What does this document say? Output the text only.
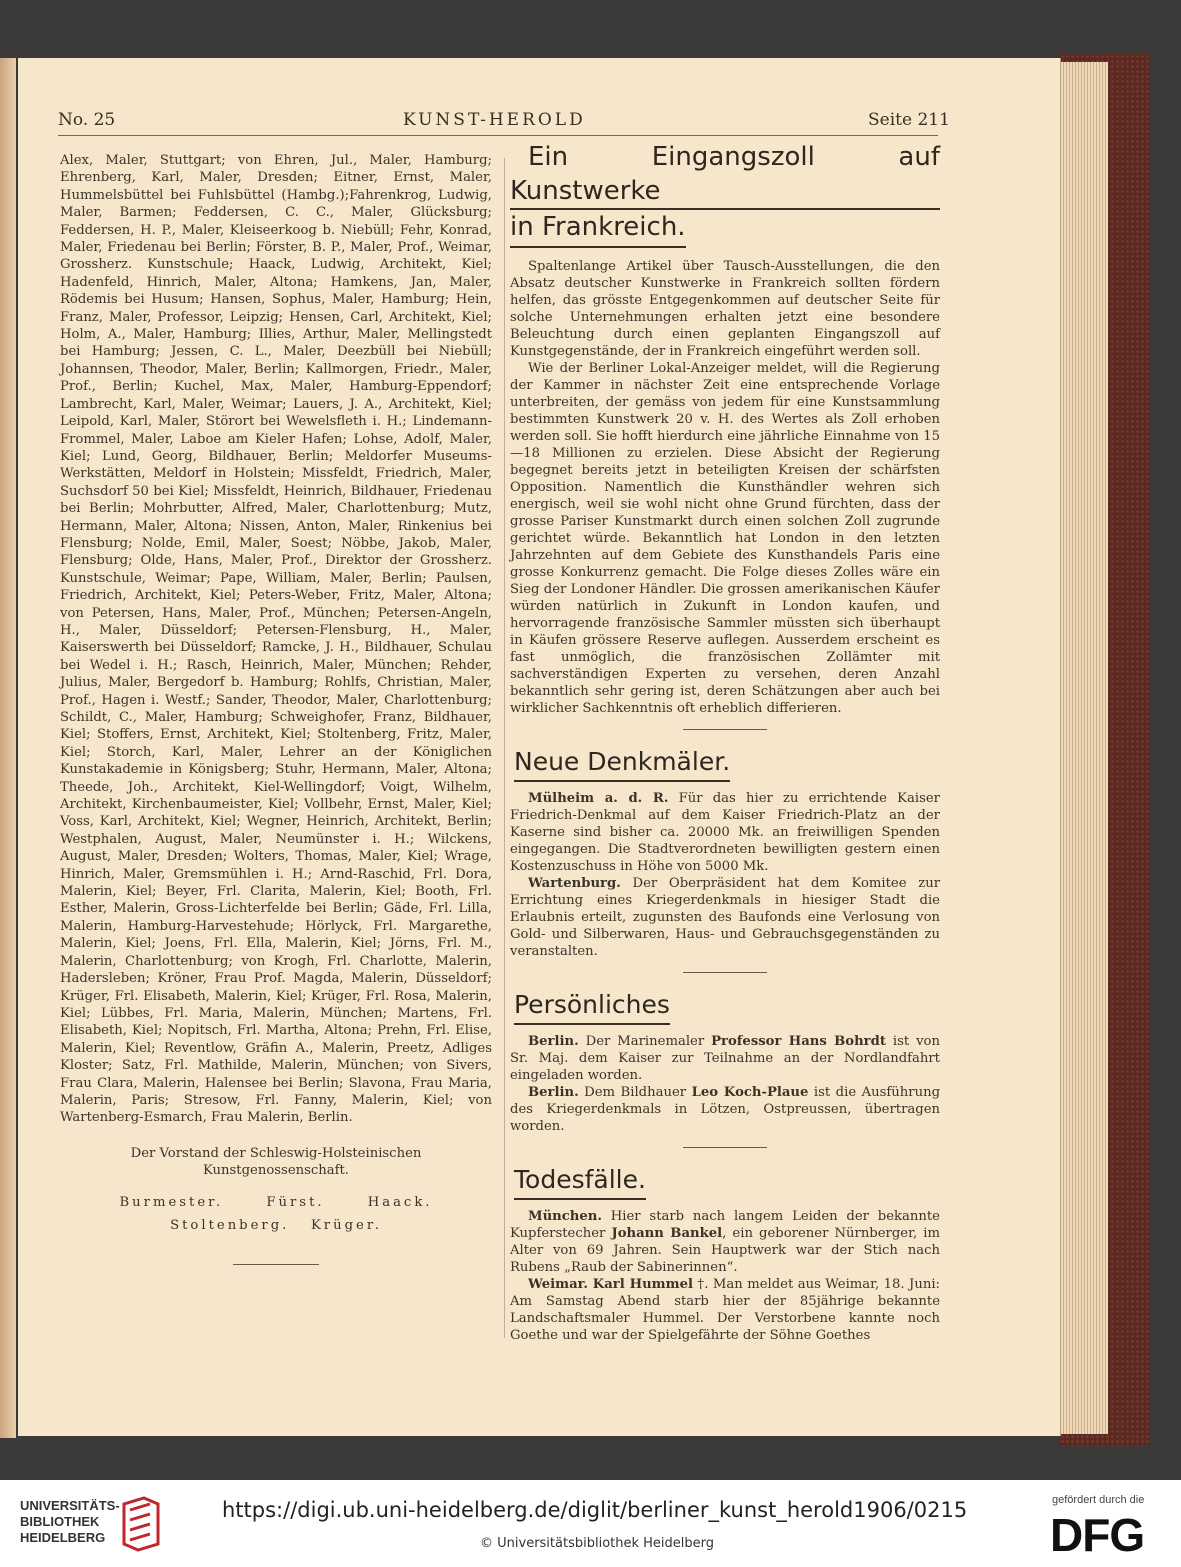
No. 25	KUNST-HEROLD	Seite 211

Alex, Maler, Stuttgart; von Ehren, Jul., Maler, Hamburg; Ehrenberg, Karl, Maler, Dresden; Eitner, Ernst, Maler, Hummelsbüttel bei Fuhlsbüttel (Hambg.);Fahrenkrog, Ludwig, Maler, Barmen; Feddersen, C. C., Maler, Glücksburg; Feddersen, H. P., Maler, Kleiseerkoog b. Niebüll; Fehr, Konrad, Maler, Friedenau bei Berlin; Förster, B. P., Maler, Prof., Weimar, Grossherz. Kunstschule; Haack, Ludwig, Architekt, Kiel; Hadenfeld, Hinrich, Maler, Altona; Hamkens, Jan, Maler, Rödemis bei Husum; Hansen, Sophus, Maler, Hamburg; Hein, Franz, Maler, Professor, Leipzig; Hensen, Carl, Architekt, Kiel; Holm, A., Maler, Hamburg; Illies, Arthur, Maler, Mellingstedt bei Hamburg; Jessen, C. L., Maler, Deezbüll bei Niebüll; Johannsen, Theodor, Maler, Berlin; Kallmorgen, Friedr., Maler, Prof., Berlin; Kuchel, Max, Maler, Hamburg-Eppendorf; Lambrecht, Karl, Maler, Weimar; Lauers, J. A., Architekt, Kiel; Leipold, Karl, Maler, Störort bei Wewelsfleth i. H.; Lindemann-Frommel, Maler, Laboe am Kieler Hafen; Lohse, Adolf, Maler, Kiel; Lund, Georg, Bildhauer, Berlin; Meldorfer Museums-Werkstätten, Meldorf in Holstein; Missfeldt, Friedrich, Maler, Suchsdorf 50 bei Kiel; Missfeldt, Heinrich, Bildhauer, Friedenau bei Berlin; Mohrbutter, Alfred, Maler, Charlottenburg; Mutz, Hermann, Maler, Altona; Nissen, Anton, Maler, Rinkenius bei Flensburg; Nolde, Emil, Maler, Soest; Nöbbe, Jakob, Maler, Flensburg; Olde, Hans, Maler, Prof., Direktor der Grossherz. Kunstschule, Weimar; Pape, William, Maler, Berlin; Paulsen, Friedrich, Architekt, Kiel; Peters-Weber, Fritz, Maler, Altona; von Petersen, Hans, Maler, Prof., München; Petersen-Angeln, H., Maler, Düsseldorf; Petersen-Flensburg, H., Maler, Kaiserswerth bei Düsseldorf; Ramcke, J. H., Bildhauer, Schulau bei Wedel i. H.; Rasch, Heinrich, Maler, München; Rehder, Julius, Maler, Bergedorf b. Hamburg; Rohlfs, Christian, Maler, Prof., Hagen i. Westf.; Sander, Theodor, Maler, Charlottenburg; Schildt, C., Maler, Hamburg; Schweighofer, Franz, Bildhauer, Kiel; Stoffers, Ernst, Architekt, Kiel; Stoltenberg, Fritz, Maler, Kiel; Storch, Karl, Maler, Lehrer an der Königlichen Kunstakademie in Königsberg; Stuhr, Hermann, Maler, Altona; Theede, Joh., Architekt, Kiel-Wellingdorf; Voigt, Wilhelm, Architekt, Kirchenbaumeister, Kiel; Vollbehr, Ernst, Maler, Kiel; Voss, Karl, Architekt, Kiel; Wegner, Heinrich, Architekt, Berlin; Westphalen, August, Maler, Neumünster i. H.; Wilckens, August, Maler, Dresden; Wolters, Thomas, Maler, Kiel; Wrage, Hinrich, Maler, Gremsmühlen i. H.; Arnd-Raschid, Frl. Dora, Malerin, Kiel; Beyer, Frl. Clarita, Malerin, Kiel; Booth, Frl. Esther, Malerin, Gross-Lichterfelde bei Berlin; Gäde, Frl. Lilla, Malerin, Hamburg-Harvestehude; Hörlyck, Frl. Margarethe, Malerin, Kiel; Joens, Frl. Ella, Malerin, Kiel; Jörns, Frl. M., Malerin, Charlottenburg; von Krogh, Frl. Charlotte, Malerin, Hadersleben; Kröner, Frau Prof. Magda, Malerin, Düsseldorf; Krüger, Frl. Elisabeth, Malerin, Kiel; Krüger, Frl. Rosa, Malerin, Kiel; Lübbes, Frl. Maria, Malerin, München; Martens, Frl. Elisabeth, Kiel; Nopitsch, Frl. Martha, Altona; Prehn, Frl. Elise, Malerin, Kiel; Reventlow, Gräfin A., Malerin, Preetz, Adliges Kloster; Satz, Frl. Mathilde, Malerin, München; von Sivers, Frau Clara, Malerin, Halensee bei Berlin; Slavona, Frau Maria, Malerin, Paris; Stresow, Frl. Fanny, Malerin, Kiel; von Wartenberg-Esmarch, Frau Malerin, Berlin.

Der Vorstand der Schleswig-Holsteinischen

Kunstgenossenschaft.

Burmester.      Fürst.      Haack.

Stoltenberg.   Krüger.

Ein Eingangszoll auf Kunstwerke

in Frankreich.

Spaltenlange Artikel über Tausch-Ausstellungen, die den Absatz deutscher Kunstwerke in Frankreich sollten fördern helfen, das grösste Entgegenkommen auf deutscher Seite für solche Unternehmungen erhalten jetzt eine besondere Beleuchtung durch einen geplanten Eingangszoll auf Kunstgegenstände, der in Frankreich eingeführt werden soll.

Wie der Berliner Lokal-Anzeiger meldet, will die Regierung der Kammer in nächster Zeit eine entsprechende Vorlage unterbreiten, der gemäss von jedem für eine Kunstsammlung bestimmten Kunstwerk 20 v. H. des Wertes als Zoll erhoben werden soll. Sie hofft hierdurch eine jährliche Einnahme von 15—18 Millionen zu erzielen. Diese Absicht der Regierung begegnet bereits jetzt in beteiligten Kreisen der schärfsten Opposition. Namentlich die Kunsthändler wehren sich energisch, weil sie wohl nicht ohne Grund fürchten, dass der grosse Pariser Kunstmarkt durch einen solchen Zoll zugrunde gerichtet würde. Bekanntlich hat London in den letzten Jahrzehnten auf dem Gebiete des Kunsthandels Paris eine grosse Konkurrenz gemacht. Die Folge dieses Zolles wäre ein Sieg der Londoner Händler. Die grossen amerikanischen Käufer würden natürlich in Zukunft in London kaufen, und hervorragende französische Sammler müssten sich überhaupt in Käufen grössere Reserve auflegen. Ausserdem erscheint es fast unmöglich, die französischen Zollämter mit sachverständigen Experten zu versehen, deren Anzahl bekanntlich sehr gering ist, deren Schätzungen aber auch bei wirklicher Sachkenntnis oft erheblich differieren.

Neue Denkmäler.

Mülheim a. d. R. Für das hier zu errichtende Kaiser Friedrich-Denkmal auf dem Kaiser Friedrich-Platz an der Kaserne sind bisher ca. 20000 Mk. an freiwilligen Spenden eingegangen. Die Stadtverordneten bewilligten gestern einen Kostenzuschuss in Höhe von 5000 Mk.

Wartenburg. Der Oberpräsident hat dem Komitee zur Errichtung eines Kriegerdenkmals in hiesiger Stadt die Erlaubnis erteilt, zugunsten des Baufonds eine Verlosung von Gold- und Silberwaren, Haus- und Gebrauchsgegenständen zu veranstalten.

Persönliches

Berlin. Der Marinemaler Professor Hans Bohrdt ist von Sr. Maj. dem Kaiser zur Teilnahme an der Nordlandfahrt eingeladen worden.

Berlin. Dem Bildhauer Leo Koch-Plaue ist die Ausführung des Kriegerdenkmals in Lötzen, Ostpreussen, übertragen worden.

Todesfälle.

München. Hier starb nach langem Leiden der bekannte Kupferstecher Johann Bankel, ein geborener Nürnberger, im Alter von 69 Jahren. Sein Hauptwerk war der Stich nach Rubens „Raub der Sabinerinnen“.

Weimar. Karl Hummel †. Man meldet aus Weimar, 18. Juni: Am Samstag Abend starb hier der 85jährige bekannte Landschaftsmaler Hummel. Der Verstorbene kannte noch Goethe und war der Spielgefährte der Söhne Goethes

UNIVERSITÄTS-
BIBLIOTHEK
HEIDELBERG
https://digi.ub.uni-heidelberg.de/diglit/berliner_kunst_herold1906/0215
© Universitätsbibliothek Heidelberg
gefördert durch die
DFG
